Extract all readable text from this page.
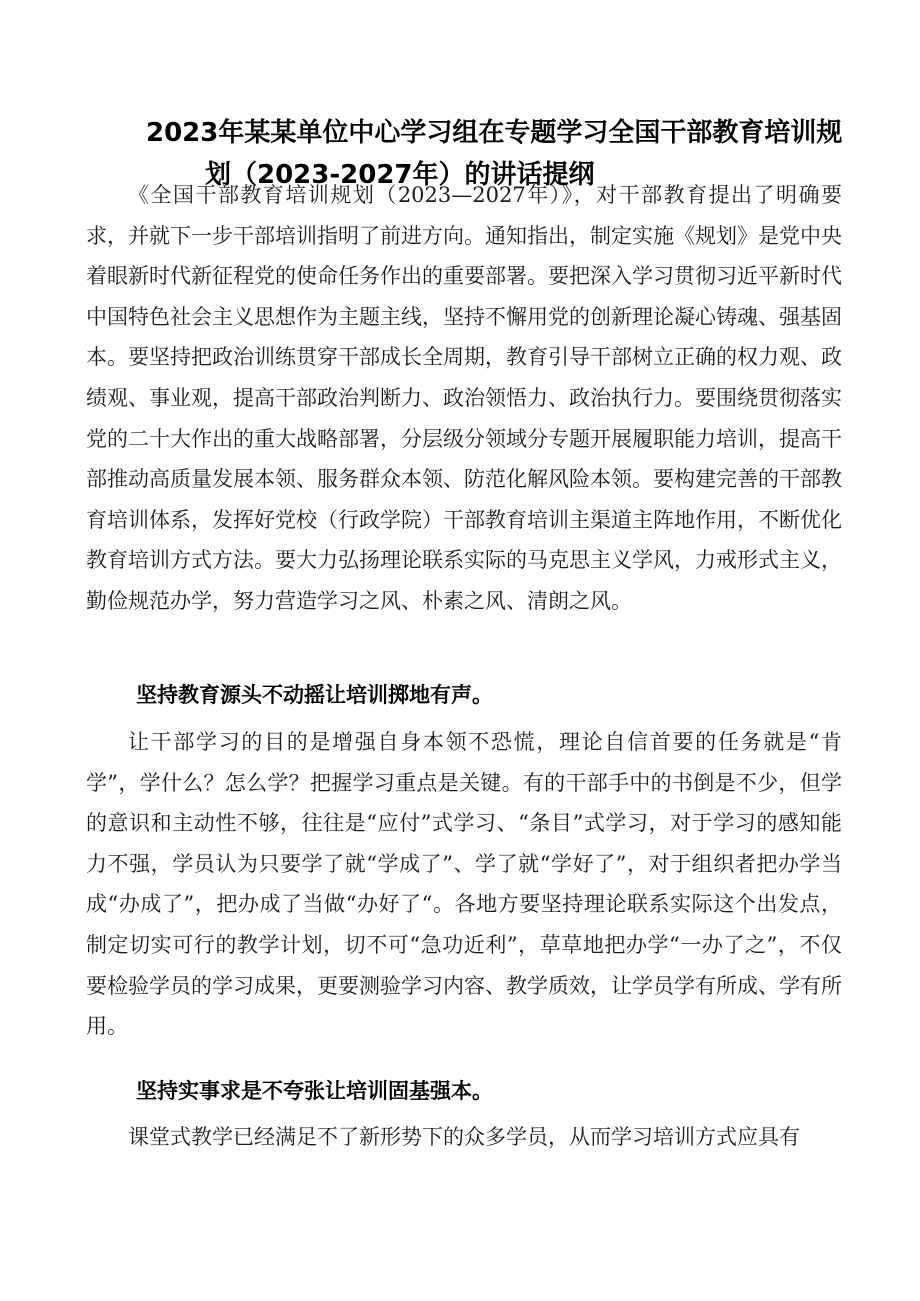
2023年某某单位中心学习组在专题学习全国干部教育培训规
划（2023-2027年）的讲话提纲

《全国干部教育培训规划（2023—2027年）》，对干部教育提出了明确要求，并就下一步干部培训指明了前进方向。通知指出，制定实施《规划》是党中央着眼新时代新征程党的使命任务作出的重要部署。要把深入学习贯彻习近平新时代中国特色社会主义思想作为主题主线，坚持不懈用党的创新理论凝心铸魂、强基固本。要坚持把政治训练贯穿干部成长全周期，教育引导干部树立正确的权力观、政绩观、事业观，提高干部政治判断力、政治领悟力、政治执行力。要围绕贯彻落实党的二十大作出的重大战略部署，分层级分领域分专题开展履职能力培训，提高干部推动高质量发展本领、服务群众本领、防范化解风险本领。要构建完善的干部教育培训体系，发挥好党校（行政学院）干部教育培训主渠道主阵地作用，不断优化教育培训方式方法。要大力弘扬理论联系实际的马克思主义学风，力戒形式主义，勤俭规范办学，努力营造学习之风、朴素之风、清朗之风。

坚持教育源头不动摇让培训掷地有声。

让干部学习的目的是增强自身本领不恐慌，理论自信首要的任务就是“肯学”，学什么？怎么学？把握学习重点是关键。有的干部手中的书倒是不少，但学的意识和主动性不够，往往是“应付”式学习、“条目”式学习，对于学习的感知能力不强，学员认为只要学了就“学成了”、学了就“学好了”，对于组织者把办学当成“办成了”，把办成了当做“办好了“。各地方要坚持理论联系实际这个出发点，制定切实可行的教学计划，切不可“急功近利”，草草地把办学“一办了之”，不仅要检验学员的学习成果，更要测验学习内容、教学质效，让学员学有所成、学有所用。

坚持实事求是不夸张让培训固基强本。

课堂式教学已经满足不了新形势下的众多学员，从而学习培训方式应具有
